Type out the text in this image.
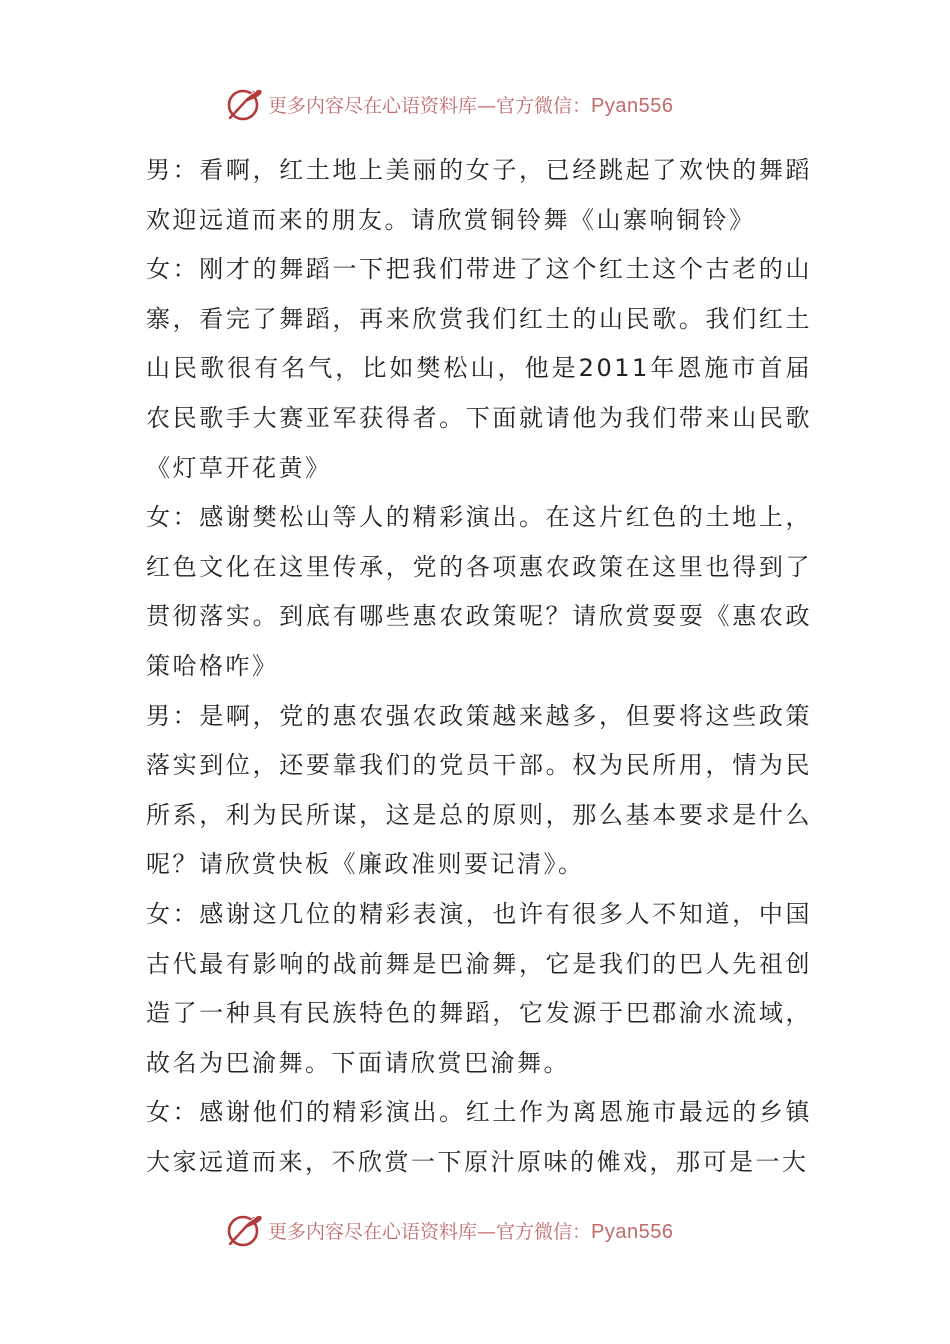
更多内容尽在心语资料库—官方微信：Pyan556

男：看啊，红土地上美丽的女子，已经跳起了欢快的舞蹈欢迎远道而来的朋友。请欣赏铜铃舞《山寨响铜铃》

女：刚才的舞蹈一下把我们带进了这个红土这个古老的山寨，看完了舞蹈，再来欣赏我们红土的山民歌。我们红土山民歌很有名气，比如樊松山，他是2011年恩施市首届农民歌手大赛亚军获得者。下面就请他为我们带来山民歌《灯草开花黄》

女：感谢樊松山等人的精彩演出。在这片红色的土地上，红色文化在这里传承，党的各项惠农政策在这里也得到了贯彻落实。到底有哪些惠农政策呢？请欣赏耍耍《惠农政策哈格咋》

男：是啊，党的惠农强农政策越来越多，但要将这些政策落实到位，还要靠我们的党员干部。权为民所用，情为民所系，利为民所谋，这是总的原则，那么基本要求是什么呢？请欣赏快板《廉政准则要记清》。

女：感谢这几位的精彩表演，也许有很多人不知道，中国古代最有影响的战前舞是巴渝舞，它是我们的巴人先祖创造了一种具有民族特色的舞蹈，它发源于巴郡渝水流域，故名为巴渝舞。下面请欣赏巴渝舞。

女：感谢他们的精彩演出。红土作为离恩施市最远的乡镇大家远道而来，不欣赏一下原汁原味的傩戏，那可是一大

更多内容尽在心语资料库—官方微信：Pyan556
